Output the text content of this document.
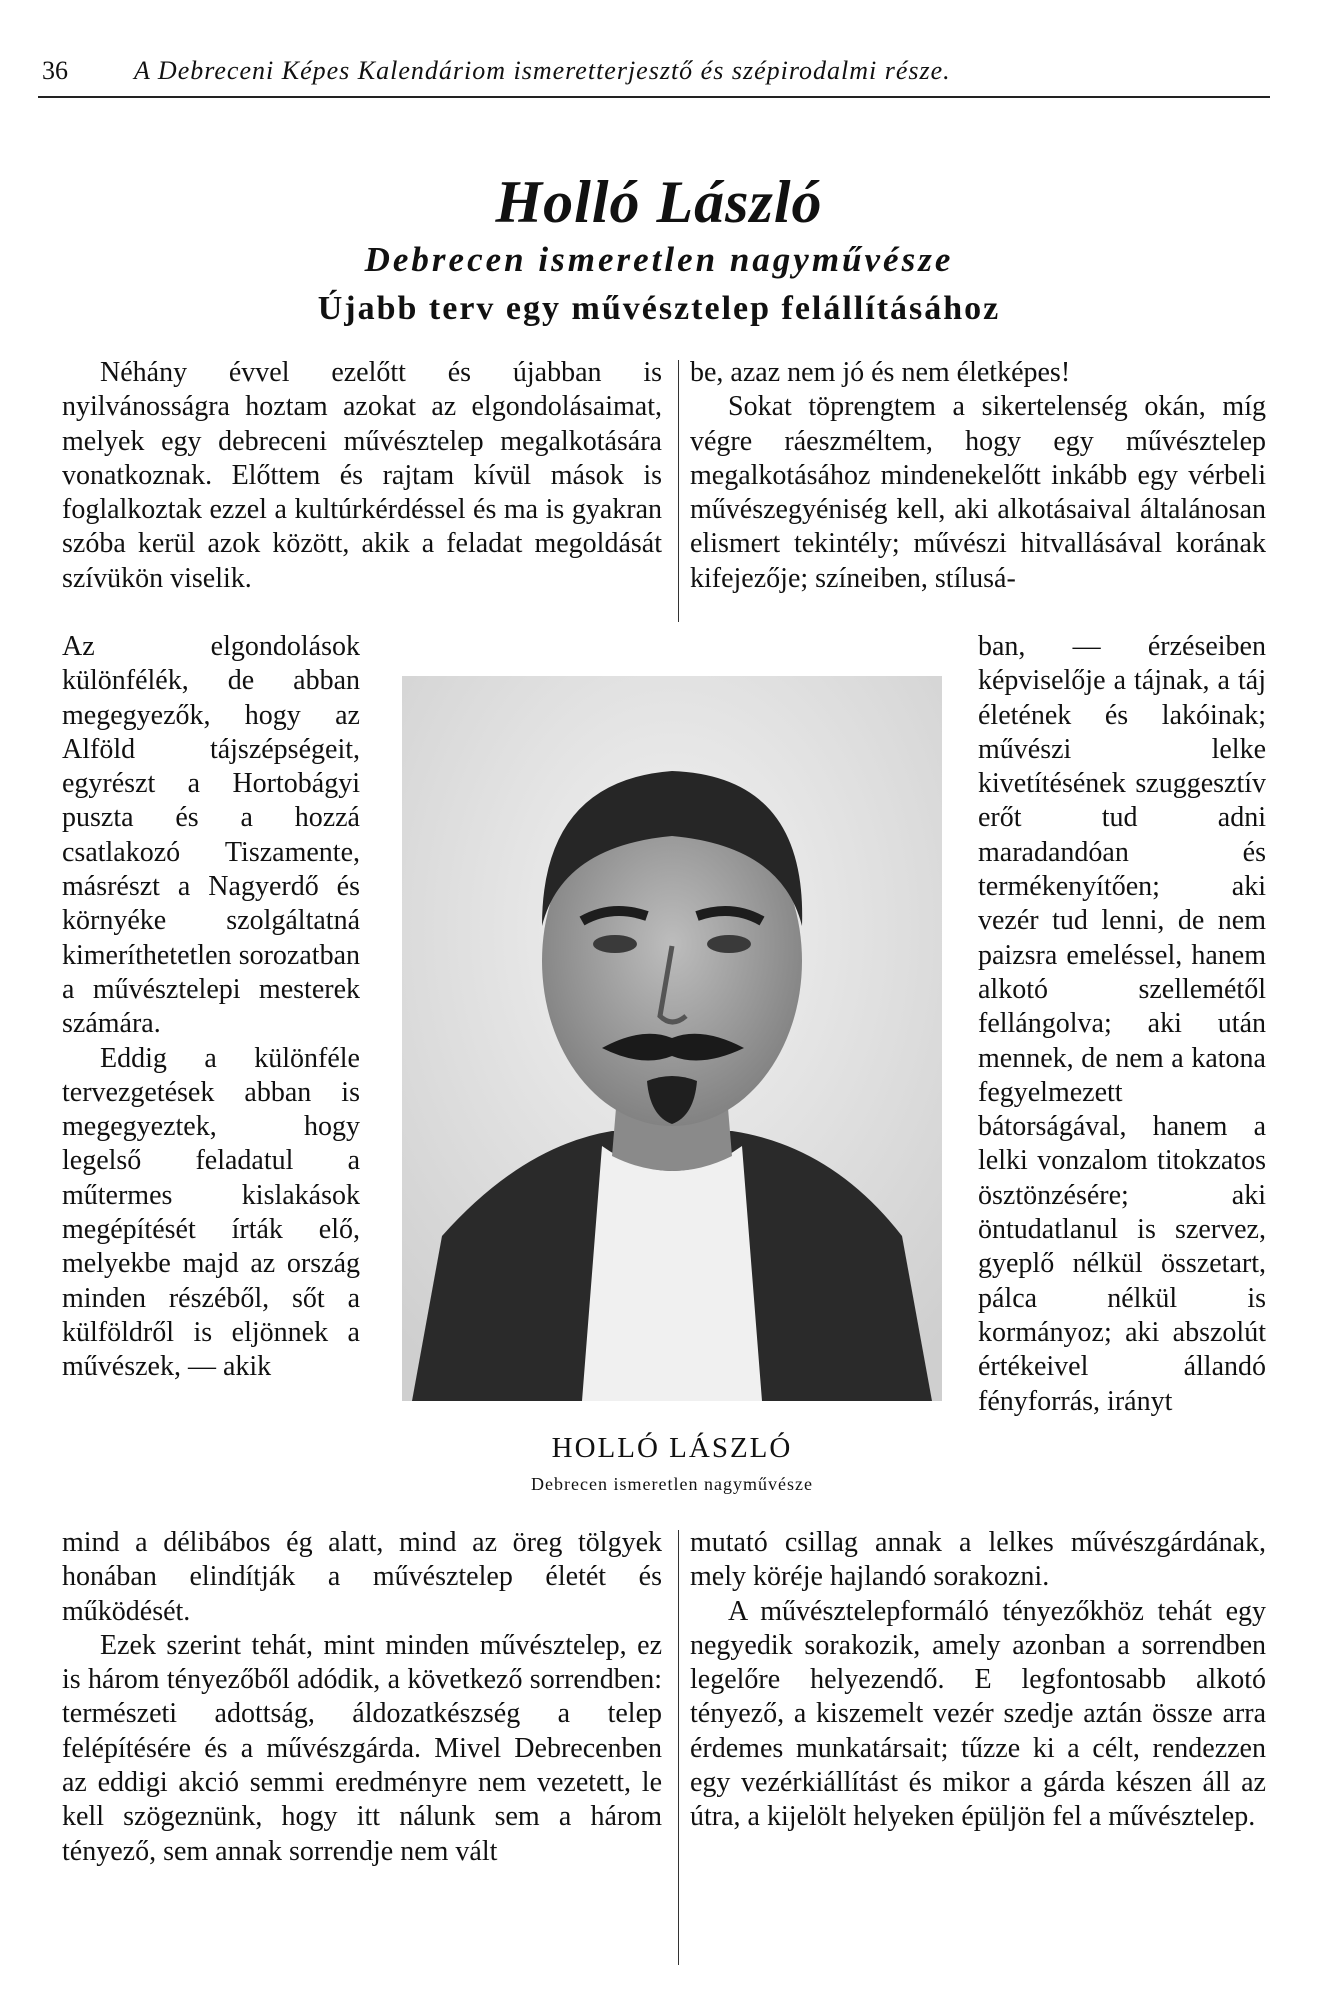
36	A Debreceni Képes Kalendáriom ismeretterjesztő és szépirodalmi része.
Holló László
Debrecen ismeretlen nagyművésze
Újabb terv egy művésztelep felállításához

Néhány évvel ezelőtt és újabban is nyilvánosságra hoztam azokat az elgondolásaimat, melyek egy debreceni művésztelep megalkotására vonatkoznak. Előttem és rajtam kívül mások is foglalkoztak ezzel a kultúrkérdéssel és ma is gyakran szóba kerül azok között, akik a feladat megoldását szívükön viselik.

Az elgondolások különfélék, de abban megegyezők, hogy az Alföld tájszépségeit, egyrészt a Hortobágyi puszta és a hozzá csatlakozó Tiszamente, másrészt a Nagyerdő és környéke szolgáltatná kimeríthetetlen sorozatban a művésztelepi mesterek számára.

Eddig a különféle tervezgetések abban is megegyeztek, hogy legelső feladatul a műtermes kislakások megépítését írták elő, melyekbe majd az ország minden részéből, sőt a külföldről is eljönnek a művészek, — akik

mind a délibábos ég alatt, mind az öreg tölgyek honában elindítják a művésztelep életét és működését.

Ezek szerint tehát, mint minden művésztelep, ez is három tényezőből adódik, a következő sorrendben: természeti adottság, áldozatkészség a telep felépítésére és a művészgárda. Mivel Debrecenben az eddigi akció semmi eredményre nem vezetett, le kell szögeznünk, hogy itt nálunk sem a három tényező, sem annak sorrendje nem vált

be, azaz nem jó és nem életképes!

Sokat töprengtem a sikertelenség okán, míg végre ráeszméltem, hogy egy művésztelep megalkotásához mindenekelőtt inkább egy vérbeli művészegyéniség kell, aki alkotásaival általánosan elismert tekintély; művészi hitvallásával korának kifejezője; színeiben, stílusá-

ban, — érzéseiben képviselője a tájnak, a táj életének és lakóinak; művészi lelke kivetítésének szuggesztív erőt tud adni maradandóan és termékenyítően; aki vezér tud lenni, de nem paizsra emeléssel, hanem alkotó szellemétől fellángolva; aki után mennek, de nem a katona fegyelmezett bátorságával, hanem a lelki vonzalom titokzatos ösztönzésére; aki öntudatlanul is szervez, gyeplő nélkül összetart, pálca nélkül is kormányoz; aki abszolút értékeivel állandó fényforrás, irányt

mutató csillag annak a lelkes művészgárdának, mely köréje hajlandó sorakozni.

A művésztelepformáló tényezőkhöz tehát egy negyedik sorakozik, amely azonban a sorrendben legelőre helyezendő. E legfontosabb alkotó tényező, a kiszemelt vezér szedje aztán össze arra érdemes munkatársait; tűzze ki a célt, rendezzen egy vezérkiállítást és mikor a gárda készen áll az útra, a kijelölt helyeken épüljön fel a művésztelep.

HOLLÓ LÁSZLÓ
Debrecen ismeretlen nagyművésze
